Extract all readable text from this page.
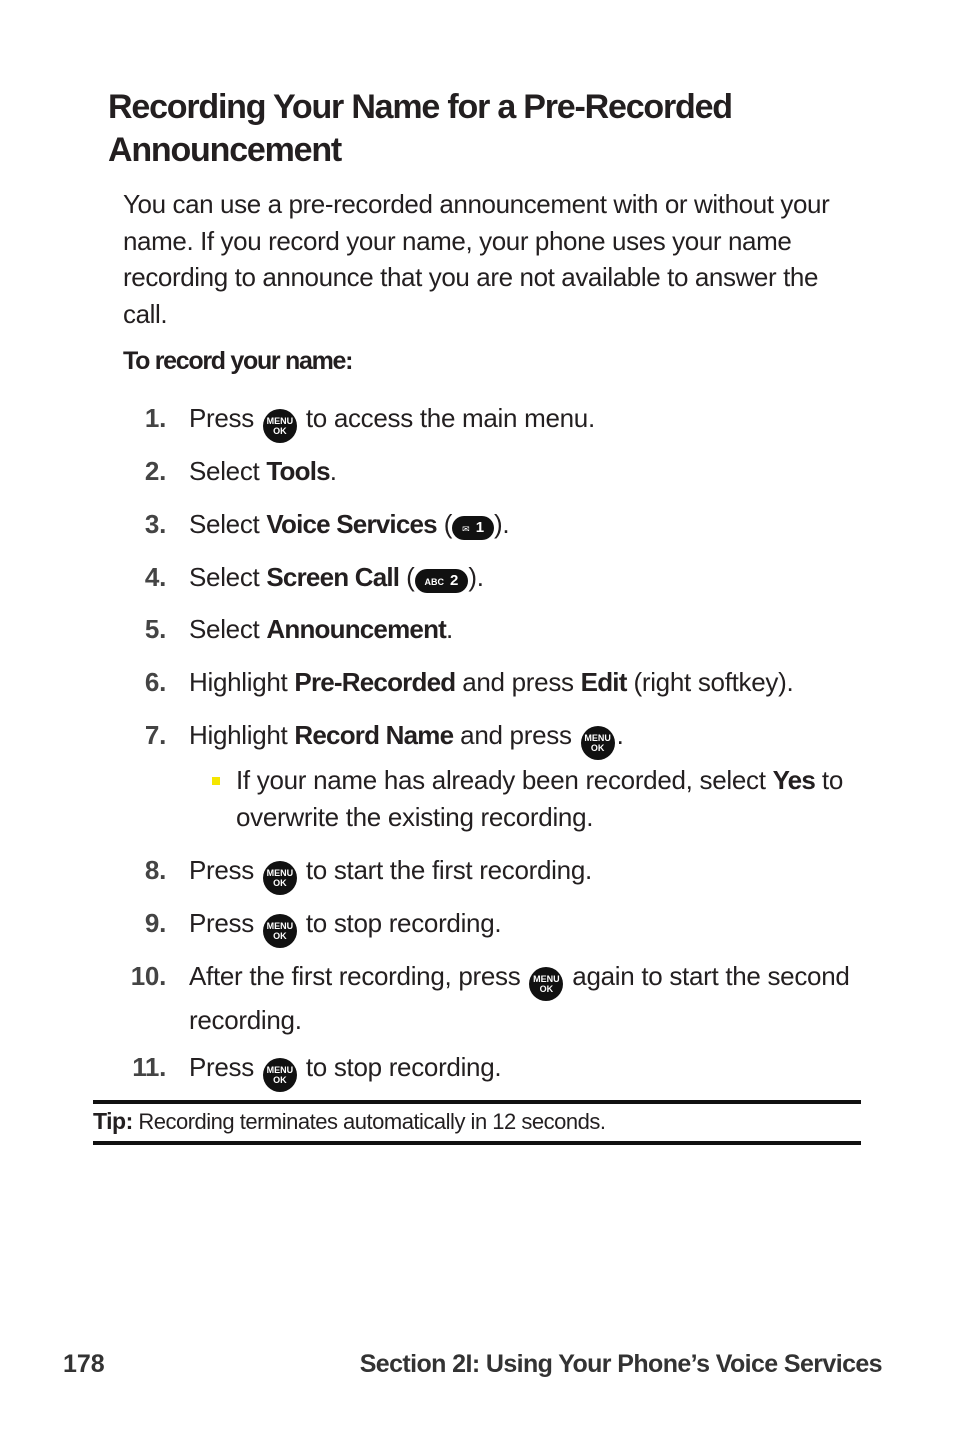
Recording Your Name for a Pre-Recorded
Announcement

You can use a pre-recorded announcement with or without your name. If you record your name, your phone uses your name recording to announce that you are not available to answer the call.

To record your name:
1. Press MENU
OK to access the main menu.
2. Select Tools.
3. Select Voice Services ( ✉ 1 ).
4. Select Screen Call ( ABC 2 ).
5. Select Announcement.
6. Highlight Pre-Recorded and press Edit (right softkey).
7. Highlight Record Name and press MENU
OK .
If your name has already been recorded, select Yes to overwrite the existing recording.
8. Press MENU
OK to start the first recording.
9. Press MENU
OK to stop recording.
10. After the first recording, press MENU
OK again to start the second recording.
11. Press MENU
OK to stop recording.
Tip: Recording terminates automatically in 12 seconds.
178	Section 2I: Using Your Phone’s Voice Services
